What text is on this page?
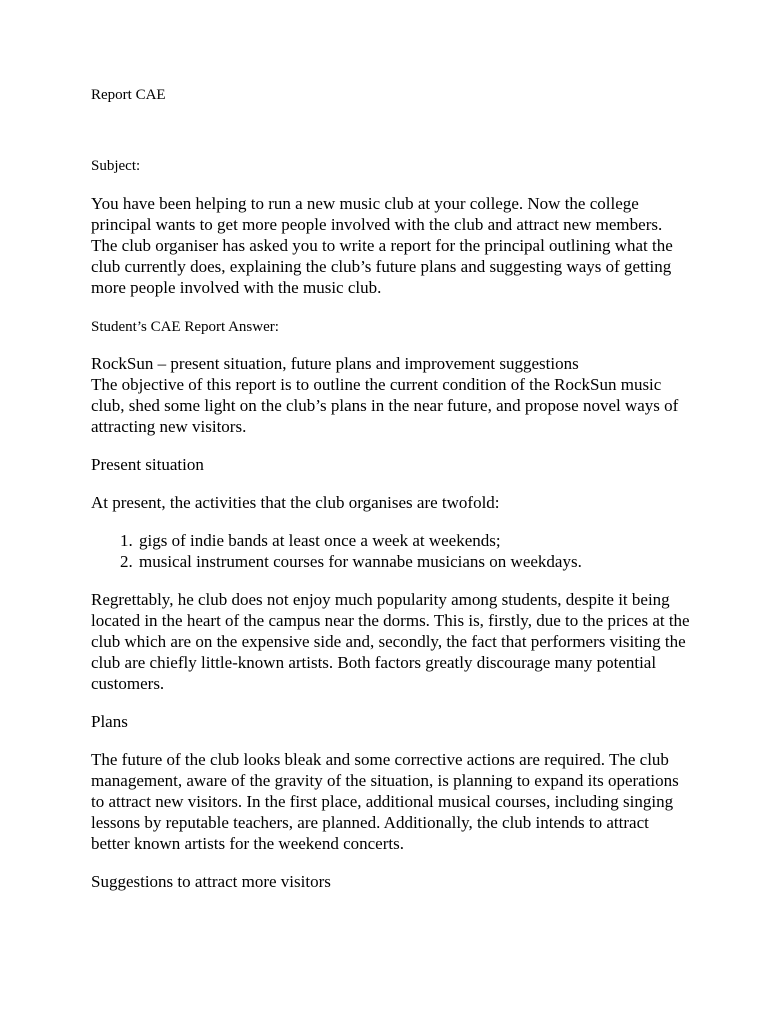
Report CAE

Subject:

You have been helping to run a new music club at your college. Now the college principal wants to get more people involved with the club and attract new members. The club organiser has asked you to write a report for the principal outlining what the club currently does, explaining the club’s future plans and suggesting ways of getting more people involved with the music club.

Student’s CAE Report Answer:

RockSun – present situation, future plans and improvement suggestions

The objective of this report is to outline the current condition of the RockSun music club, shed some light on the club’s plans in the near future, and propose novel ways of attracting new visitors.

Present situation

At present, the activities that the club organises are twofold:

1. gigs of indie bands at least once a week at weekends;
2. musical instrument courses for wannabe musicians on weekdays.

Regrettably, he club does not enjoy much popularity among students, despite it being located in the heart of the campus near the dorms. This is, firstly, due to the prices at the club which are on the expensive side and, secondly, the fact that performers visiting the club are chiefly little-known artists. Both factors greatly discourage many potential customers.

Plans

The future of the club looks bleak and some corrective actions are required. The club management, aware of the gravity of the situation, is planning to expand its operations to attract new visitors. In the first place, additional musical courses, including singing lessons by reputable teachers, are planned. Additionally, the club intends to attract better known artists for the weekend concerts.

Suggestions to attract more visitors
